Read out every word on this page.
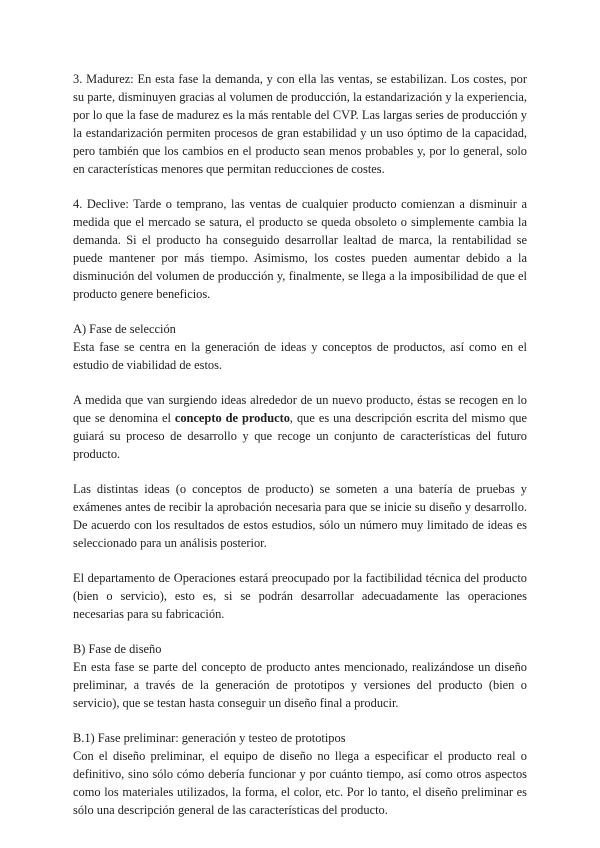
3. Madurez: En esta fase la demanda, y con ella las ventas, se estabilizan. Los costes, por su parte, disminuyen gracias al volumen de producción, la estandarización y la experiencia, por lo que la fase de madurez es la más rentable del CVP. Las largas series de producción y la estandarización permiten procesos de gran estabilidad y un uso óptimo de la capacidad, pero también que los cambios en el producto sean menos probables y, por lo general, solo en características menores que permitan reducciones de costes.

4. Declive: Tarde o temprano, las ventas de cualquier producto comienzan a disminuir a medida que el mercado se satura, el producto se queda obsoleto o simplemente cambia la demanda. Si el producto ha conseguido desarrollar lealtad de marca, la rentabilidad se puede mantener por más tiempo. Asimismo, los costes pueden aumentar debido a la disminución del volumen de producción y, finalmente, se llega a la imposibilidad de que el producto genere beneficios.

A) Fase de selección

Esta fase se centra en la generación de ideas y conceptos de productos, así como en el estudio de viabilidad de estos.

A medida que van surgiendo ideas alrededor de un nuevo producto, éstas se recogen en lo que se denomina el concepto de producto, que es una descripción escrita del mismo que guiará su proceso de desarrollo y que recoge un conjunto de características del futuro producto.

Las distintas ideas (o conceptos de producto) se someten a una batería de pruebas y exámenes antes de recibir la aprobación necesaria para que se inicie su diseño y desarrollo. De acuerdo con los resultados de estos estudios, sólo un número muy limitado de ideas es seleccionado para un análisis posterior.

El departamento de Operaciones estará preocupado por la factibilidad técnica del producto (bien o servicio), esto es, si se podrán desarrollar adecuadamente las operaciones necesarias para su fabricación.

B) Fase de diseño

En esta fase se parte del concepto de producto antes mencionado, realizándose un diseño preliminar, a través de la generación de prototipos y versiones del producto (bien o servicio), que se testan hasta conseguir un diseño final a producir.

B.1) Fase preliminar: generación y testeo de prototipos

Con el diseño preliminar, el equipo de diseño no llega a especificar el producto real o definitivo, sino sólo cómo debería funcionar y por cuánto tiempo, así como otros aspectos como los materiales utilizados, la forma, el color, etc. Por lo tanto, el diseño preliminar es sólo una descripción general de las características del producto.
